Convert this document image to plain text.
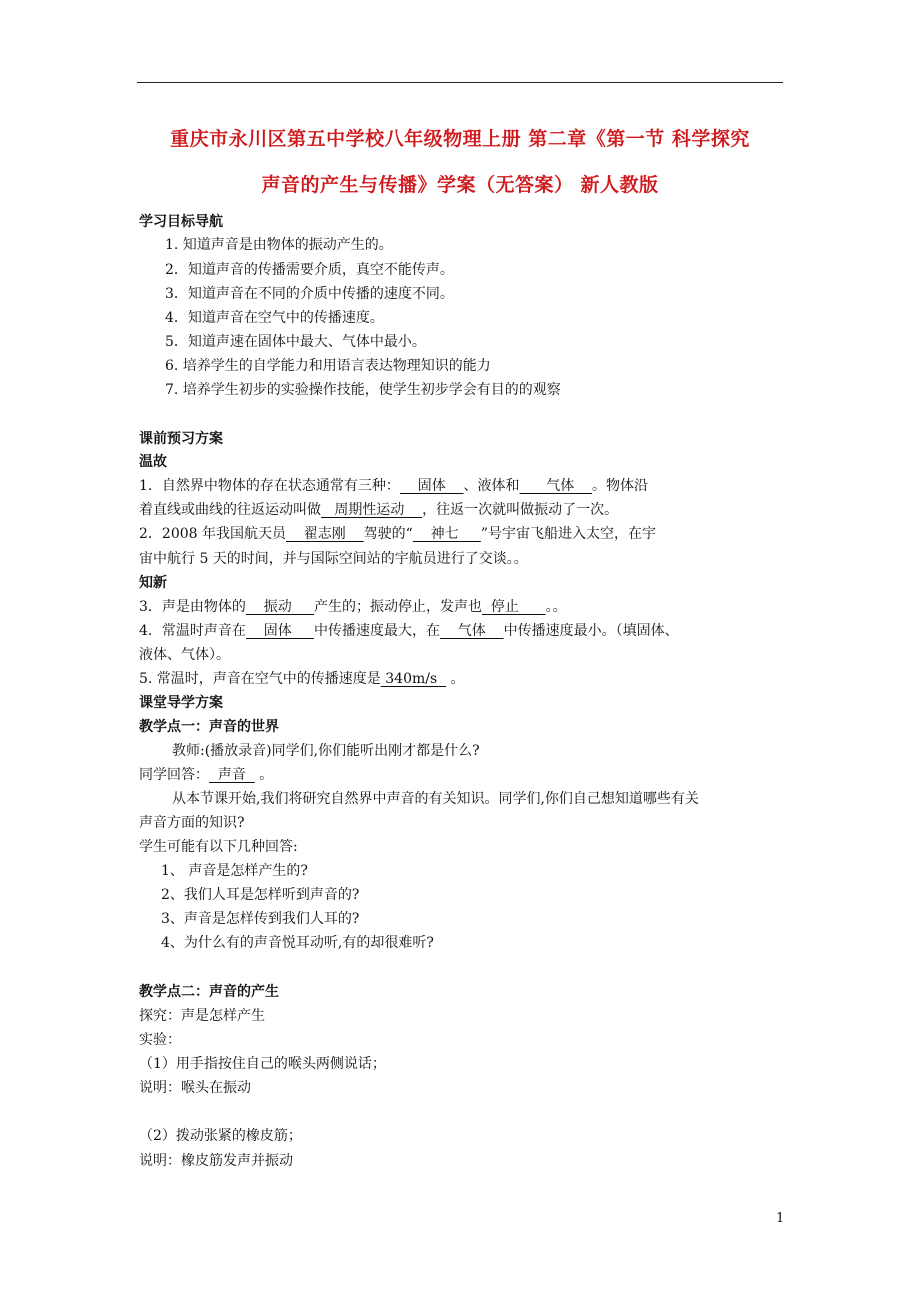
重庆市永川区第五中学校八年级物理上册 第二章《第一节 科学探究
声音的产生与传播》学案（无答案） 新人教版
学习目标导航
1. 知道声音是由物体的振动产生的。
2．知道声音的传播需要介质，真空不能传声。
3．知道声音在不同的介质中传播的速度不同。
4．知道声音在空气中的传播速度。
5．知道声速在固体中最大、气体中最小。
6. 培养学生的自学能力和用语言表达物理知识的能力
7. 培养学生初步的实验操作技能，使学生初步学会有目的的观察
课前预习方案
温故
1．自然界中物体的存在状态通常有三种：    固体    、液体和      气体    。物体沿
着直线或曲线的往返运动叫做   周期性运动    ，往返一次就叫做振动了一次。
2．2008 年我国航天员    翟志刚    驾驶的“    神七     ”号宇宙飞船进入太空，在宇
宙中航行 5 天的时间，并与国际空间站的宇航员进行了交谈。。
知新
3．声是由物体的    振动     产生的；振动停止，发声也  停止      。。
4．常温时声音在    固体     中传播速度最大，在    气体    中传播速度最小。（填固体、
液体、气体）。
5. 常温时，声音在空气中的传播速度是 340m/s   。
课堂导学方案
教学点一：声音的世界
教师:(播放录音)同学们,你们能听出刚才都是什么?
同学回答：  声音   。
从本节课开始,我们将研究自然界中声音的有关知识。同学们,你们自己想知道哪些有关
声音方面的知识?
学生可能有以下几种回答:
1、 声音是怎样产生的?
2、我们人耳是怎样听到声音的?
3、声音是怎样传到我们人耳的?
4、为什么有的声音悦耳动听,有的却很难听?
教学点二：声音的产生
探究：声是怎样产生
实验：
（1）用手指按住自己的喉头两侧说话；
说明：喉头在振动
（2）拨动张紧的橡皮筋；
说明：橡皮筋发声并振动
1
